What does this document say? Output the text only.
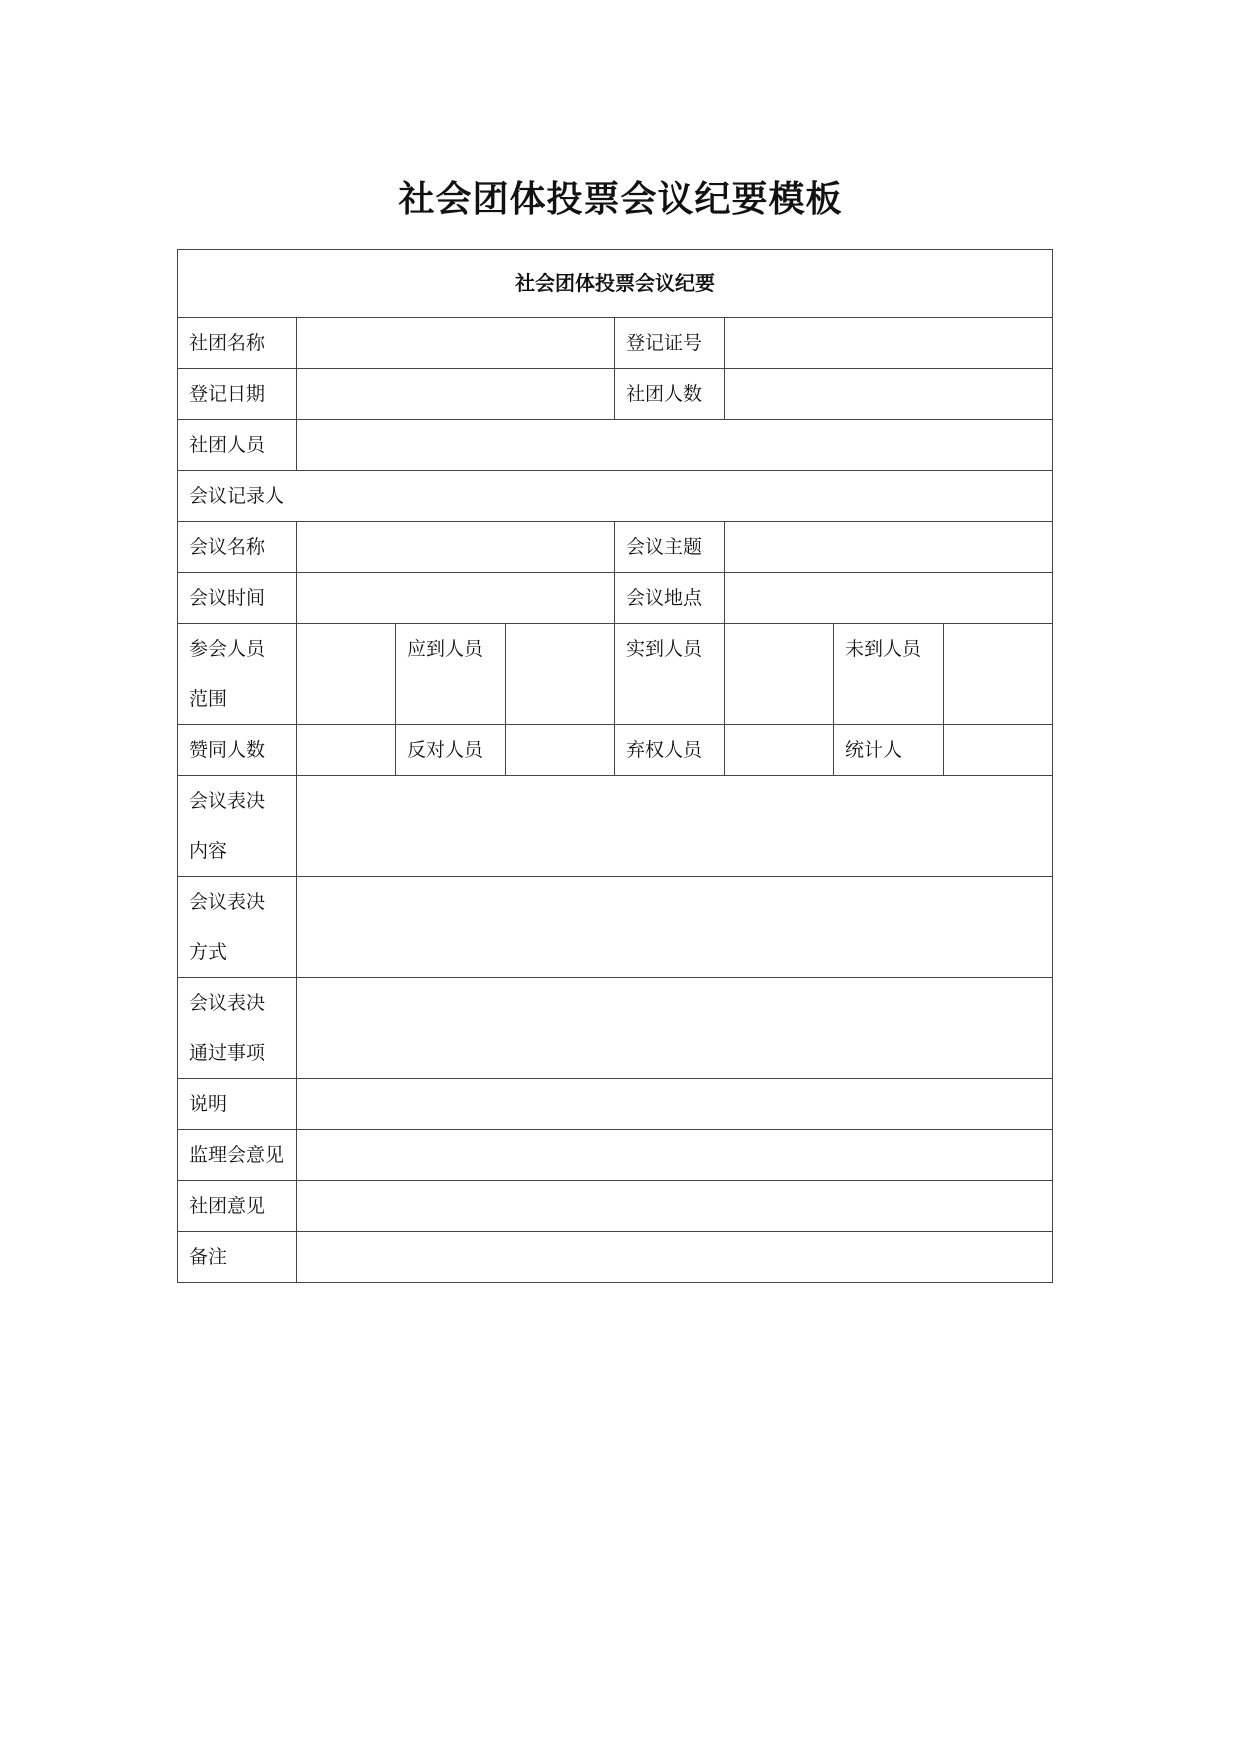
社会团体投票会议纪要模板
社会团体投票会议纪要							
社团名称				登记证号			
登记日期				社团人数			
社团人员							
会议记录人							
会议名称				会议主题			
会议时间				会议地点			

参会人员
范围		应到人员		实到人员		未到人员	
赞同人数		反对人员		弃权人员		统计人	

会议表决
内容							

会议表决
方式							

会议表决
通过事项							

说明							
监理会意见							
社团意见							
备注							
